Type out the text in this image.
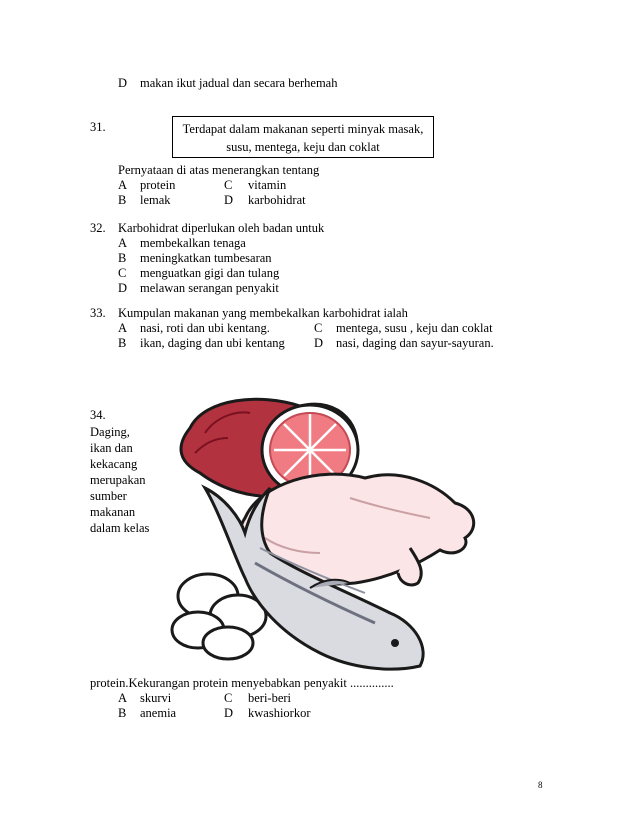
D makan ikut jadual dan secara berhemah
31.	Terdapat dalam makanan seperti minyak masak,
susu, mentega, keju dan coklat
Pernyataan di atas menerangkan tentang
A protein	C vitamin
B lemak	D karbohidrat
32. Karbohidrat diperlukan oleh badan untuk
A membekalkan tenaga
B meningkatkan tumbesaran
C menguatkan gigi dan tulang
D melawan serangan penyakit
33. Kumpulan makanan yang membekalkan karbohidrat ialah
A nasi, roti dan ubi kentang.	C mentega, susu , keju dan coklat
B ikan, daging dan ubi kentang D nasi, daging dan sayur-sayuran.
34.
Daging,
ikan dan
kekacang
merupakan
sumber
makanan
dalam kelas
protein.Kekurangan protein menyebabkan penyakit ..............
A skurvi	C beri-beri
B anemia	D kwashiorkor
8
